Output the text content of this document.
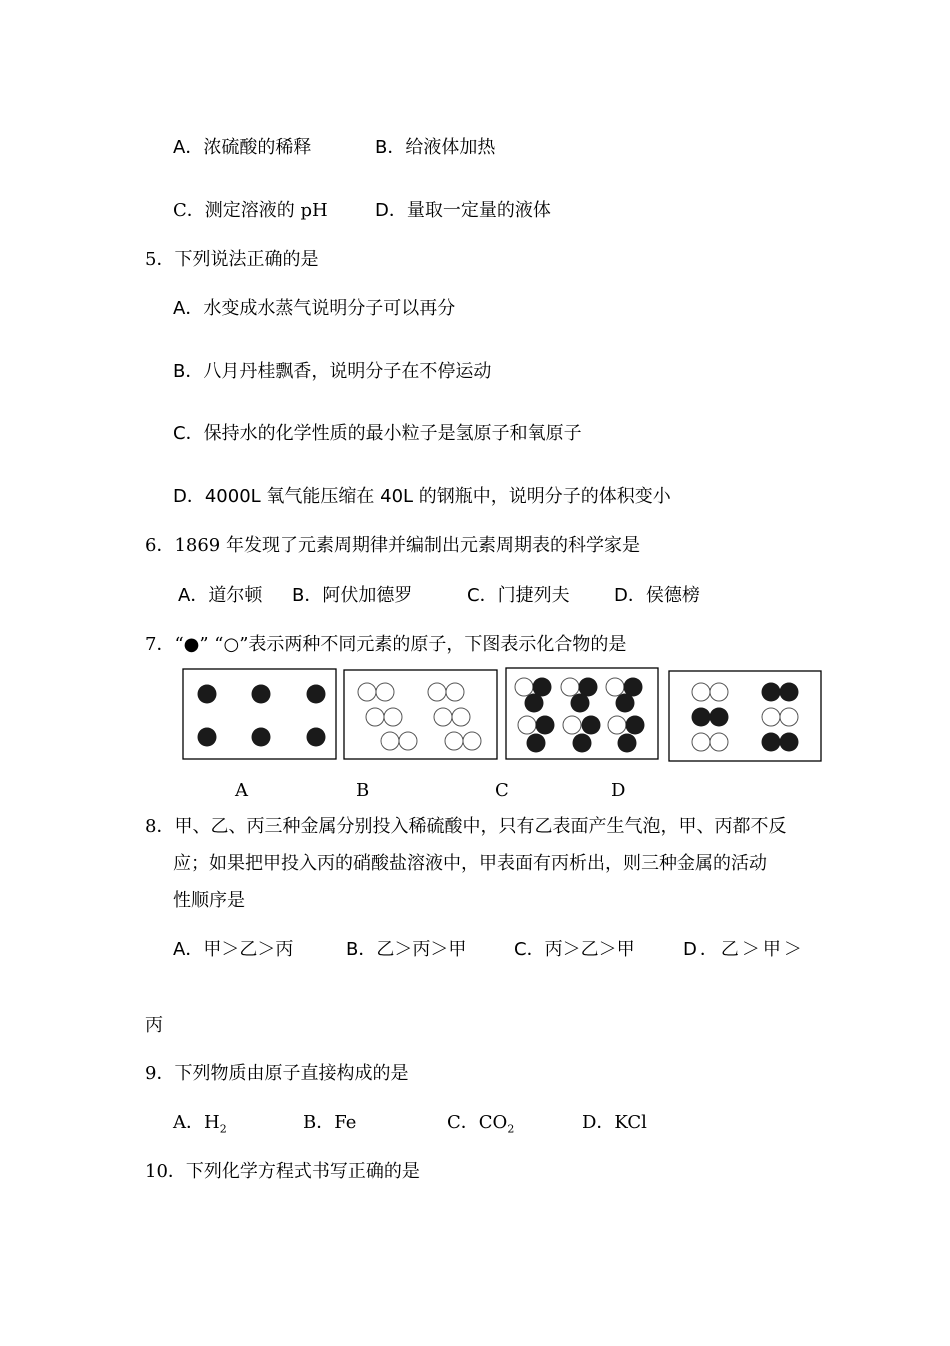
A．浓硫酸的稀释	B．给液体加热
C．测定溶液的 pH	D．量取一定量的液体
5．下列说法正确的是
A．水变成水蒸气说明分子可以再分
B．八月丹桂飘香，说明分子在不停运动
C．保持水的化学性质的最小粒子是氢原子和氧原子
D．4000L 氧气能压缩在 40L 的钢瓶中，说明分子的体积变小
6．1869 年发现了元素周期律并编制出元素周期表的科学家是
A．道尔顿 B．阿伏加德罗	C．门捷列夫 D．侯德榜
7．“●” “○”表示两种不同元素的原子，下图表示化合物的是
A	B	C	D
8．甲、乙、丙三种金属分别投入稀硫酸中，只有乙表面产生气泡，甲、丙都不反
应；如果把甲投入丙的硝酸盐溶液中，甲表面有丙析出，则三种金属的活动
性顺序是
A．甲＞乙＞丙	B．乙＞丙＞甲	C．丙＞乙＞甲	D．乙＞甲＞
丙
9．下列物质由原子直接构成的是
A．$H_2$	B．Fe	C．$CO_2$	D．KCl
10．下列化学方程式书写正确的是
